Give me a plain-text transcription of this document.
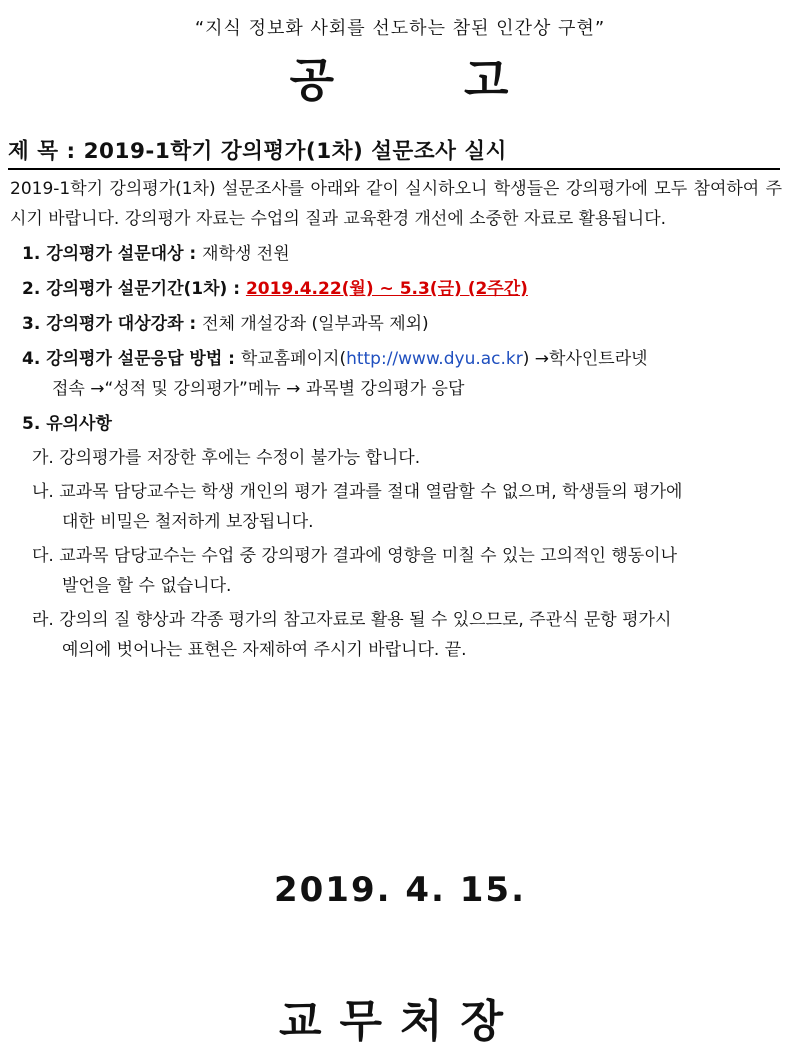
“지식 정보화 사회를 선도하는 참된 인간상 구현”
공	고
제 목 : 2019-1학기 강의평가(1차) 설문조사 실시

2019-1학기 강의평가(1차) 설문조사를 아래와 같이 실시하오니 학생들은 강의평가에 모두 참여하여 주시기 바랍니다. 강의평가 자료는 수업의 질과 교육환경 개선에 소중한 자료로 활용됩니다.

1. 강의평가 설문대상 : 재학생 전원
2. 강의평가 설문기간(1차) : 2019.4.22(월) ~ 5.3(금) (2주간)
3. 강의평가 대상강좌 : 전체 개설강좌 (일부과목 제외)
4. 강의평가 설문응답 방법 : 학교홈페이지(http://www.dyu.ac.kr) →학사인트라넷
접속 →“성적 및 강의평가”메뉴 → 과목별 강의평가 응답
5. 유의사항
가. 강의평가를 저장한 후에는 수정이 불가능 합니다.
나. 교과목 담당교수는 학생 개인의 평가 결과를 절대 열람할 수 없으며, 학생들의 평가에
대한 비밀은 철저하게 보장됩니다.
다. 교과목 담당교수는 수업 중 강의평가 결과에 영향을 미칠 수 있는 고의적인 행동이나
발언을 할 수 없습니다.
라. 강의의 질 향상과 각종 평가의 참고자료로 활용 될 수 있으므로, 주관식 문항 평가시
예의에 벗어나는 표현은 자제하여 주시기 바랍니다. 끝.
2019. 4. 15.
교무처장
